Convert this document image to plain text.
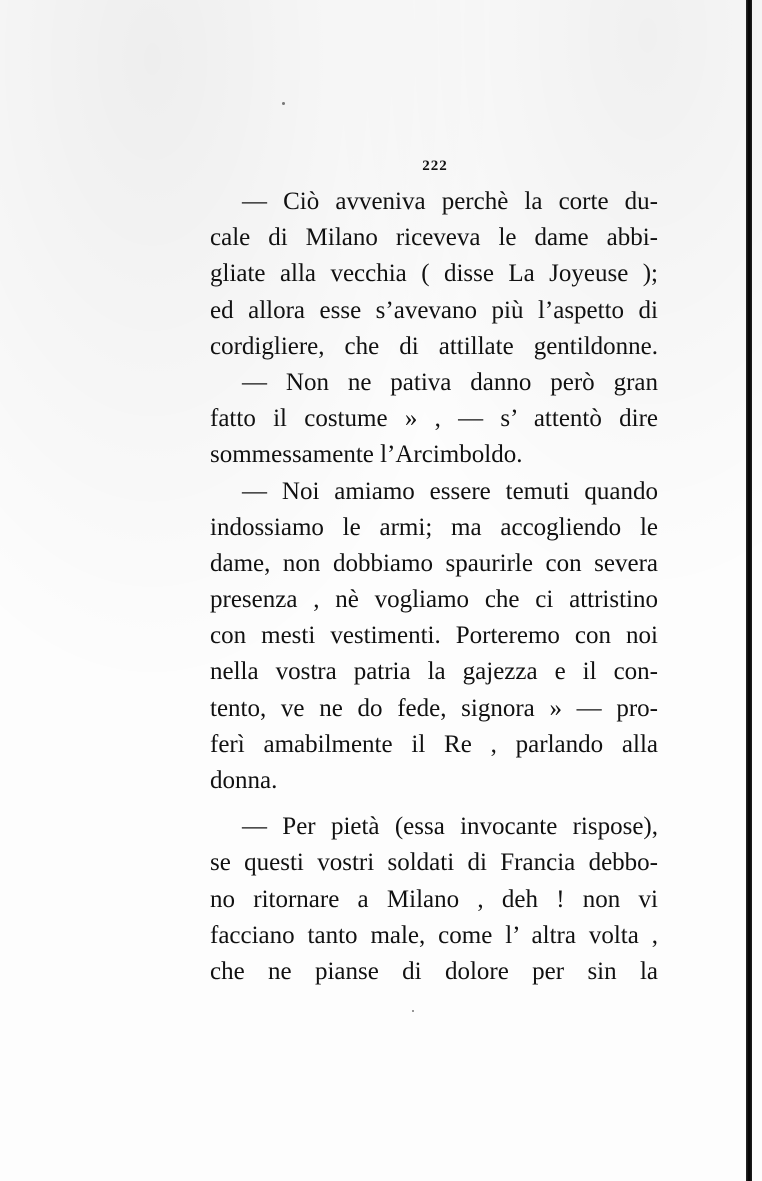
222
— Ciò avveniva perchè la corte du-
cale di Milano riceveva le dame abbi-
gliate alla vecchia ( disse La Joyeuse );
ed allora esse s’avevano più l’aspetto di
cordigliere, che di attillate gentildonne.
— Non ne pativa danno però gran
fatto il costume » , — s’ attentò dire
sommessamente l’Arcimboldo.
— Noi amiamo essere temuti quando
indossiamo le armi; ma accogliendo le
dame, non dobbiamo spaurirle con severa
presenza , nè vogliamo che ci attristino
con mesti vestimenti. Porteremo con noi
nella vostra patria la gajezza e il con-
tento, ve ne do fede, signora » — pro-
ferì amabilmente il Re , parlando alla
donna.
— Per pietà (essa invocante rispose),
se questi vostri soldati di Francia debbo-
no ritornare a Milano , deh ! non vi
facciano tanto male, come l’ altra volta ,
che ne pianse di dolore per sin la
